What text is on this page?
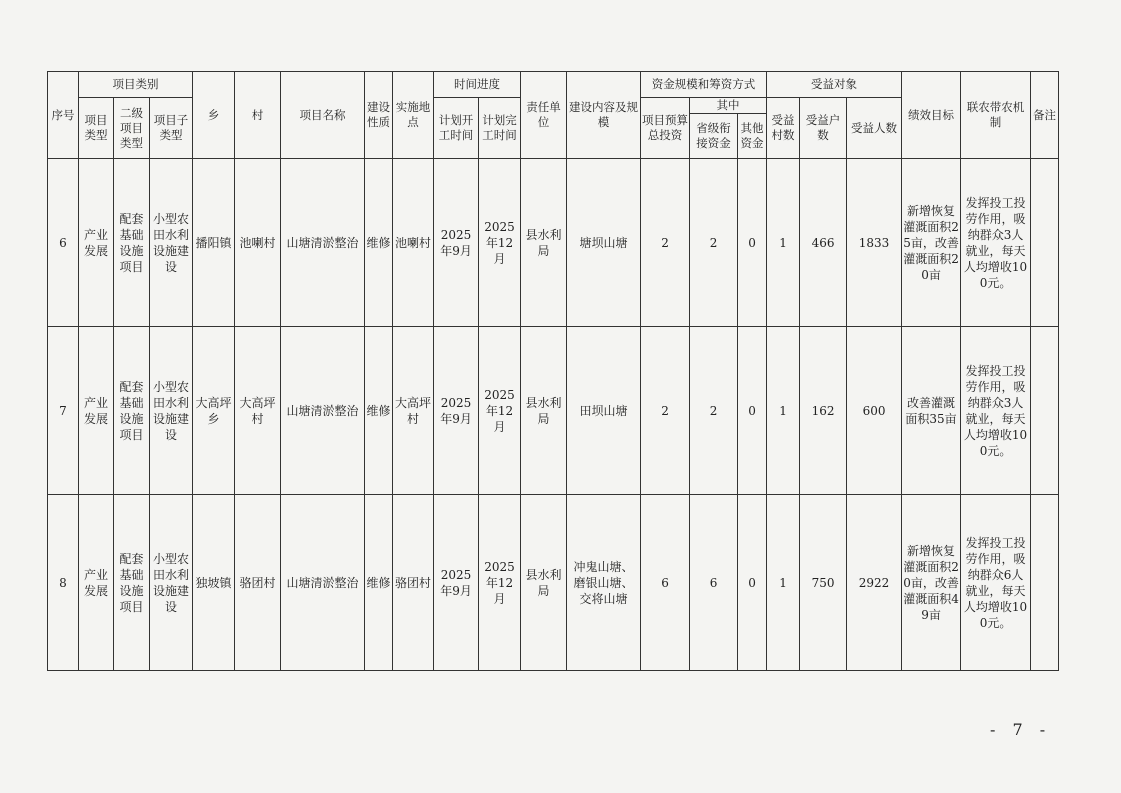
序号	项目类别			乡	村	项目名称	建设性质	实施地点	时间进度		责任单位	建设内容及规模	资金规模和筹资方式			受益对象			绩效目标	联农带农机制	备注
	项目类型	二级项目类型	项目子类型						计划开工时间	计划完工时间			项目预算总投资	其中		受益村数	受益户数	受益人数			
														省级衔接资金	其他资金						
6	产业发展	配套基础设施项目	小型农田水利设施建设	播阳镇	池喇村	山塘清淤整治	维修	池喇村	2025年9月	2025年12月	县水利局	塘坝山塘	2	2	0	1	466	1833	新增恢复灌溉面积25亩，改善灌溉面积20亩	发挥投工投劳作用，吸纳群众3人就业，每天人均增收100元。	
7	产业发展	配套基础设施项目	小型农田水利设施建设	大高坪乡	大高坪村	山塘清淤整治	维修	大高坪村	2025年9月	2025年12月	县水利局	田坝山塘	2	2	0	1	162	600	改善灌溉面积35亩	发挥投工投劳作用，吸纳群众3人就业，每天人均增收100元。	
8	产业发展	配套基础设施项目	小型农田水利设施建设	独坡镇	骆团村	山塘清淤整治	维修	骆团村	2025年9月	2025年12月	县水利局	冲鬼山塘、磨银山塘、交将山塘	6	6	0	1	750	2922	新增恢复灌溉面积20亩，改善灌溉面积49亩	发挥投工投劳作用，吸纳群众6人就业，每天人均增收100元。	
- 7 -
